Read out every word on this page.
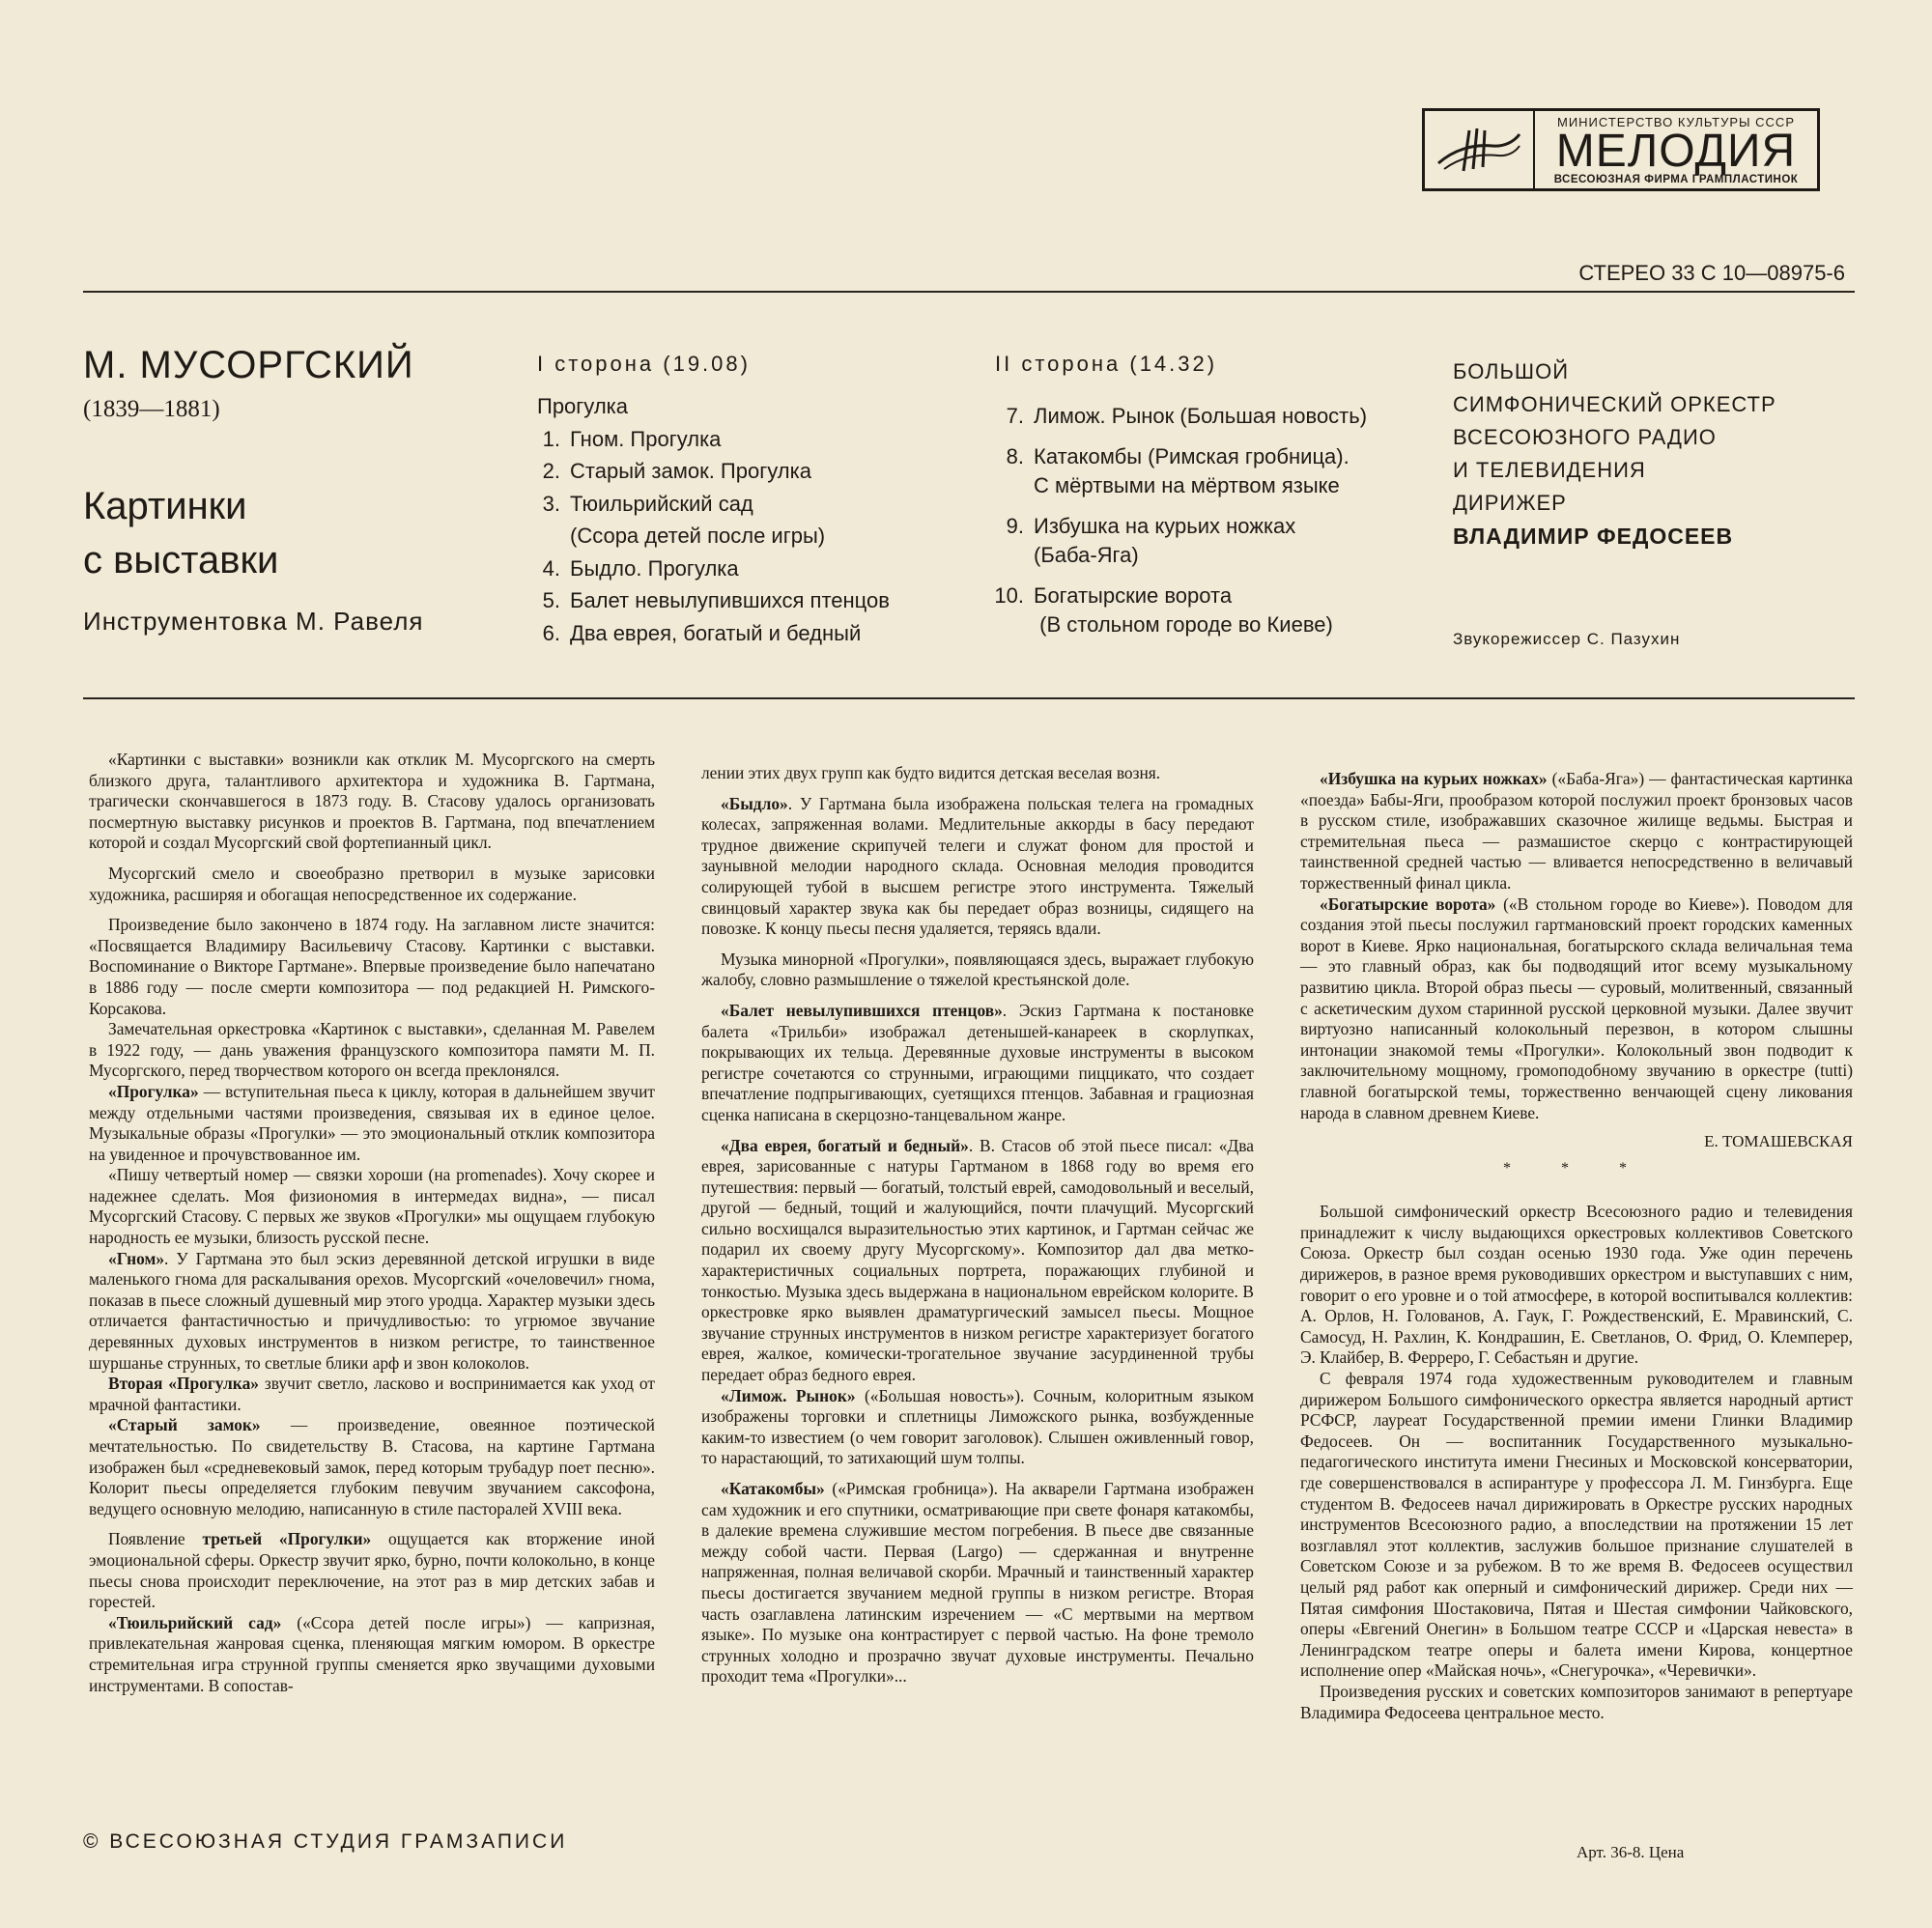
МИНИСТЕРСТВО КУЛЬТУРЫ СССР
МЕЛОДИЯ
ВСЕСОЮЗНАЯ ФИРМА ГРАМПЛАСТИНОК
СТЕРЕО 33 С 10—08975-6
М. МУСОРГСКИЙ
(1839—1881)
Картинки
с выставки
Инструментовка М. Равеля
I сторона (19.08)
Прогулка
1. Гном. Прогулка
2. Старый замок. Прогулка
3. Тюильрийский сад
(Ссора детей после игры)
4. Быдло. Прогулка
5. Балет невылупившихся птенцов
6. Два еврея, богатый и бедный
II сторона (14.32)
7. Лимож. Рынок (Большая новость)
8. Катакомбы (Римская гробница).
С мёртвыми на мёртвом языке
9. Избушка на курьих ножках
(Баба-Яга)
10. Богатырские ворота
(В стольном городе во Киеве)
БОЛЬШОЙ
СИМФОНИЧЕСКИЙ ОРКЕСТР
ВСЕСОЮЗНОГО РАДИО
И ТЕЛЕВИДЕНИЯ
ДИРИЖЕР
ВЛАДИМИР ФЕДОСЕЕВ
Звукорежиссер С. Пазухин

«Картинки с выставки» возникли как отклик М. Мусоргского на смерть близкого друга, талантливого архитектора и художника В. Гартмана, трагически скончавшегося в 1873 году. В. Стасову удалось организовать посмертную выставку рисунков и проектов В. Гартмана, под впечатлением которой и создал Мусоргский свой фортепианный цикл.

Мусоргский смело и своеобразно претворил в музыке зарисовки художника, расширяя и обогащая непосредственное их содержание.

Произведение было закончено в 1874 году. На заглавном листе значится: «Посвящается Владимиру Васильевичу Стасову. Картинки с выставки. Воспоминание о Викторе Гартмане». Впервые произведение было напечатано в 1886 году — после смерти композитора — под редакцией Н. Римского-Корсакова.

Замечательная оркестровка «Картинок с выставки», сделанная М. Равелем в 1922 году, — дань уважения французского композитора памяти М. П. Мусоргского, перед творчеством которого он всегда преклонялся.

«Прогулка» — вступительная пьеса к циклу, которая в дальнейшем звучит между отдельными частями произведения, связывая их в единое целое. Музыкальные образы «Прогулки» — это эмоциональный отклик композитора на увиденное и прочувствованное им.

«Пишу четвертый номер — связки хороши (на promenades). Хочу скорее и надежнее сделать. Моя физиономия в интермедах видна», — писал Мусоргский Стасову. С первых же звуков «Прогулки» мы ощущаем глубокую народность ее музыки, близость русской песне.

«Гном». У Гартмана это был эскиз деревянной детской игрушки в виде маленького гнома для раскалывания орехов. Мусоргский «очеловечил» гнома, показав в пьесе сложный душевный мир этого уродца. Характер музыки здесь отличается фантастичностью и причудливостью: то угрюмое звучание деревянных духовых инструментов в низком регистре, то таинственное шуршанье струнных, то светлые блики арф и звон колоколов.

Вторая «Прогулка» звучит светло, ласково и воспринимается как уход от мрачной фантастики.

«Старый замок» — произведение, овеянное поэтической мечтательностью. По свидетельству В. Стасова, на картине Гартмана изображен был «средневековый замок, перед которым трубадур поет песню». Колорит пьесы определяется глубоким певучим звучанием саксофона, ведущего основную мелодию, написанную в стиле пасторалей XVIII века.

Появление третьей «Прогулки» ощущается как вторжение иной эмоциональной сферы. Оркестр звучит ярко, бурно, почти колокольно, в конце пьесы снова происходит переключение, на этот раз в мир детских забав и горестей.

«Тюильрийский сад» («Ссора детей после игры») — капризная, привлекательная жанровая сценка, пленяющая мягким юмором. В оркестре стремительная игра струнной группы сменяется ярко звучащими духовыми инструментами. В сопостав-

лении этих двух групп как будто видится детская веселая возня.

«Быдло». У Гартмана была изображена польская телега на громадных колесах, запряженная волами. Медлительные аккорды в басу передают трудное движение скрипучей телеги и служат фоном для простой и заунывной мелодии народного склада. Основная мелодия проводится солирующей тубой в высшем регистре этого инструмента. Тяжелый свинцовый характер звука как бы передает образ возницы, сидящего на повозке. К концу пьесы песня удаляется, теряясь вдали.

Музыка минорной «Прогулки», появляющаяся здесь, выражает глубокую жалобу, словно размышление о тяжелой крестьянской доле.

«Балет невылупившихся птенцов». Эскиз Гартмана к постановке балета «Трильби» изображал детенышей-канареек в скорлупках, покрывающих их тельца. Деревянные духовые инструменты в высоком регистре сочетаются со струнными, играющими пиццикато, что создает впечатление подпрыгивающих, суетящихся птенцов. Забавная и грациозная сценка написана в скерцозно-танцевальном жанре.

«Два еврея, богатый и бедный». В. Стасов об этой пьесе писал: «Два еврея, зарисованные с натуры Гартманом в 1868 году во время его путешествия: первый — богатый, толстый еврей, самодовольный и веселый, другой — бедный, тощий и жалующийся, почти плачущий. Мусоргский сильно восхищался выразительностью этих картинок, и Гартман сейчас же подарил их своему другу Мусоргскому». Композитор дал два метко-характеристичных социальных портрета, поражающих глубиной и тонкостью. Музыка здесь выдержана в национальном еврейском колорите. В оркестровке ярко выявлен драматургический замысел пьесы. Мощное звучание струнных инструментов в низком регистре характеризует богатого еврея, жалкое, комически-трогательное звучание засурдиненной трубы передает образ бедного еврея.

«Лимож. Рынок» («Большая новость»). Сочным, колоритным языком изображены торговки и сплетницы Лиможского рынка, возбужденные каким-то известием (о чем говорит заголовок). Слышен оживленный говор, то нарастающий, то затихающий шум толпы.

«Катакомбы» («Римская гробница»). На акварели Гартмана изображен сам художник и его спутники, осматривающие при свете фонаря катакомбы, в далекие времена служившие местом погребения. В пьесе две связанные между собой части. Первая (Largo) — сдержанная и внутренне напряженная, полная величавой скорби. Мрачный и таинственный характер пьесы достигается звучанием медной группы в низком регистре. Вторая часть озаглавлена латинским изречением — «С мертвыми на мертвом языке». По музыке она контрастирует с первой частью. На фоне тремоло струнных холодно и прозрачно звучат духовые инструменты. Печально проходит тема «Прогулки»...

«Избушка на курьих ножках» («Баба-Яга») — фантастическая картинка «поезда» Бабы-Яги, прообразом которой послужил проект бронзовых часов в русском стиле, изображавших сказочное жилище ведьмы. Быстрая и стремительная пьеса — размашистое скерцо с контрастирующей таинственной средней частью — вливается непосредственно в величавый торжественный финал цикла.

«Богатырские ворота» («В стольном городе во Киеве»). Поводом для создания этой пьесы послужил гартмановский проект городских каменных ворот в Киеве. Ярко национальная, богатырского склада величальная тема — это главный образ, как бы подводящий итог всему музыкальному развитию цикла. Второй образ пьесы — суровый, молитвенный, связанный с аскетическим духом старинной русской церковной музыки. Далее звучит виртуозно написанный колокольный перезвон, в котором слышны интонации знакомой темы «Прогулки». Колокольный звон подводит к заключительному мощному, громоподобному звучанию в оркестре (tutti) главной богатырской темы, торжественно венчающей сцену ликования народа в славном древнем Киеве.

Е. ТОМАШЕВСКАЯ
* * *

Большой симфонический оркестр Всесоюзного радио и телевидения принадлежит к числу выдающихся оркестровых коллективов Советского Союза. Оркестр был создан осенью 1930 года. Уже один перечень дирижеров, в разное время руководивших оркестром и выступавших с ним, говорит о его уровне и о той атмосфере, в которой воспитывался коллектив: А. Орлов, Н. Голованов, А. Гаук, Г. Рождественский, Е. Мравинский, С. Самосуд, Н. Рахлин, К. Кондрашин, Е. Светланов, О. Фрид, О. Клемперер, Э. Клайбер, В. Ферреро, Г. Себастьян и другие.

С февраля 1974 года художественным руководителем и главным дирижером Большого симфонического оркестра является народный артист РСФСР, лауреат Государственной премии имени Глинки Владимир Федосеев. Он — воспитанник Государственного музыкально-педагогического института имени Гнесиных и Московской консерватории, где совершенствовался в аспирантуре у профессора Л. М. Гинзбурга. Еще студентом В. Федосеев начал дирижировать в Оркестре русских народных инструментов Всесоюзного радио, а впоследствии на протяжении 15 лет возглавлял этот коллектив, заслужив большое признание слушателей в Советском Союзе и за рубежом. В то же время В. Федосеев осуществил целый ряд работ как оперный и симфонический дирижер. Среди них — Пятая симфония Шостаковича, Пятая и Шестая симфонии Чайковского, оперы «Евгений Онегин» в Большом театре СССР и «Царская невеста» в Ленинградском театре оперы и балета имени Кирова, концертное исполнение опер «Майская ночь», «Снегурочка», «Черевички».

Произведения русских и советских композиторов занимают в репертуаре Владимира Федосеева центральное место.

© ВСЕСОЮЗНАЯ СТУДИЯ ГРАМЗАПИСИ	Арт. 36-8. Цена
